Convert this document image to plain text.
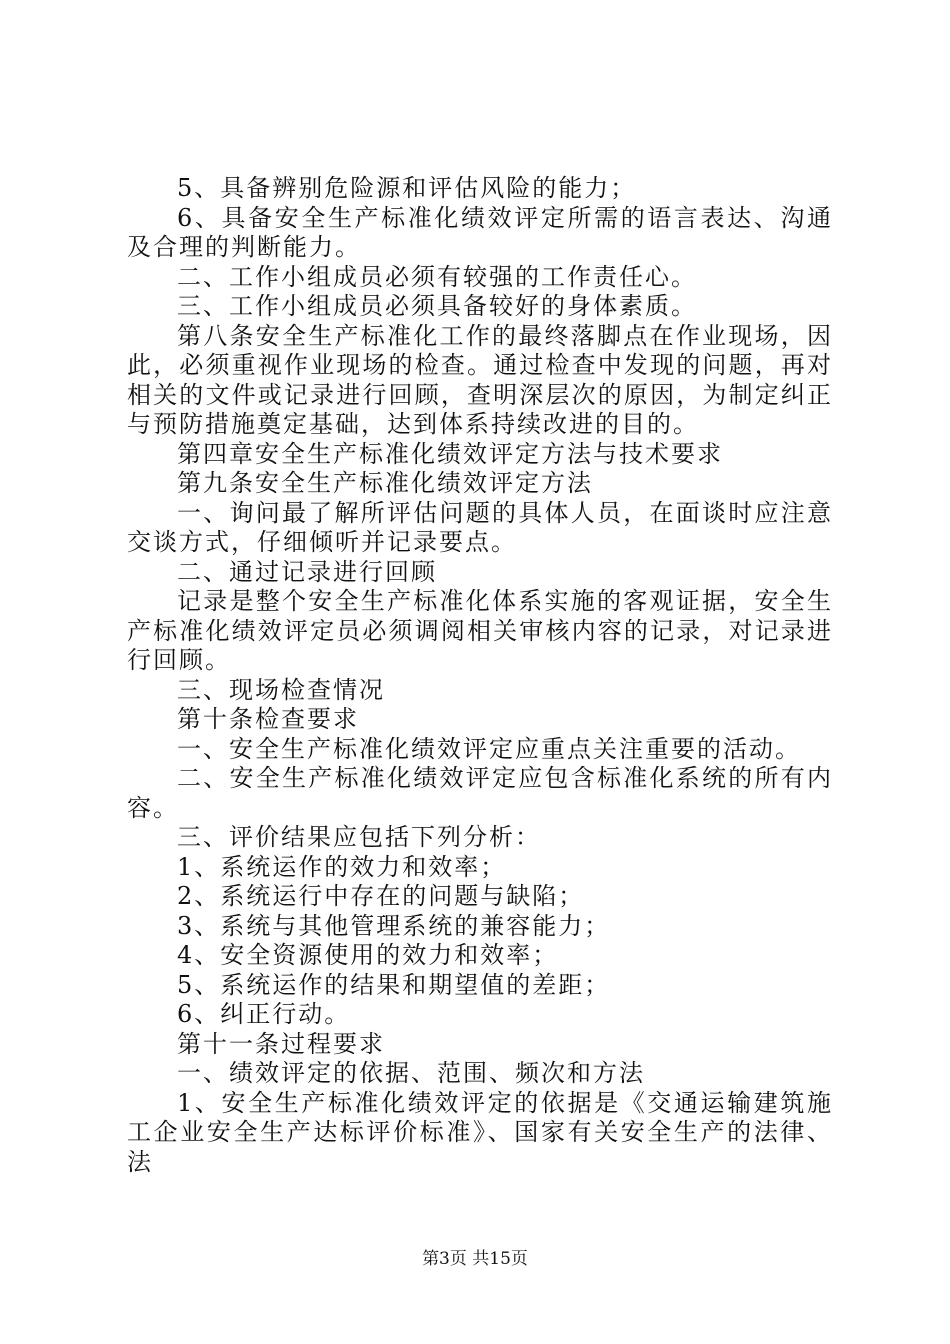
5、具备辨别危险源和评估风险的能力；

6、具备安全生产标准化绩效评定所需的语言表达、沟通及合理的判断能力。

二、工作小组成员必须有较强的工作责任心。

三、工作小组成员必须具备较好的身体素质。

第八条安全生产标准化工作的最终落脚点在作业现场，因此，必须重视作业现场的检查。通过检查中发现的问题，再对相关的文件或记录进行回顾，查明深层次的原因，为制定纠正与预防措施奠定基础，达到体系持续改进的目的。

第四章安全生产标准化绩效评定方法与技术要求

第九条安全生产标准化绩效评定方法

一、询问最了解所评估问题的具体人员，在面谈时应注意交谈方式，仔细倾听并记录要点。

二、通过记录进行回顾

记录是整个安全生产标准化体系实施的客观证据，安全生产标准化绩效评定员必须调阅相关审核内容的记录，对记录进行回顾。

三、现场检查情况

第十条检查要求

一、安全生产标准化绩效评定应重点关注重要的活动。

二、安全生产标准化绩效评定应包含标准化系统的所有内容。

三、评价结果应包括下列分析：

1、系统运作的效力和效率；

2、系统运行中存在的问题与缺陷；

3、系统与其他管理系统的兼容能力；

4、安全资源使用的效力和效率；

5、系统运作的结果和期望值的差距；

6、纠正行动。

第十一条过程要求

一、绩效评定的依据、范围、频次和方法

1、安全生产标准化绩效评定的依据是《交通运输建筑施工企业安全生产达标评价标准》、国家有关安全生产的法律、法

第3页 共15页
